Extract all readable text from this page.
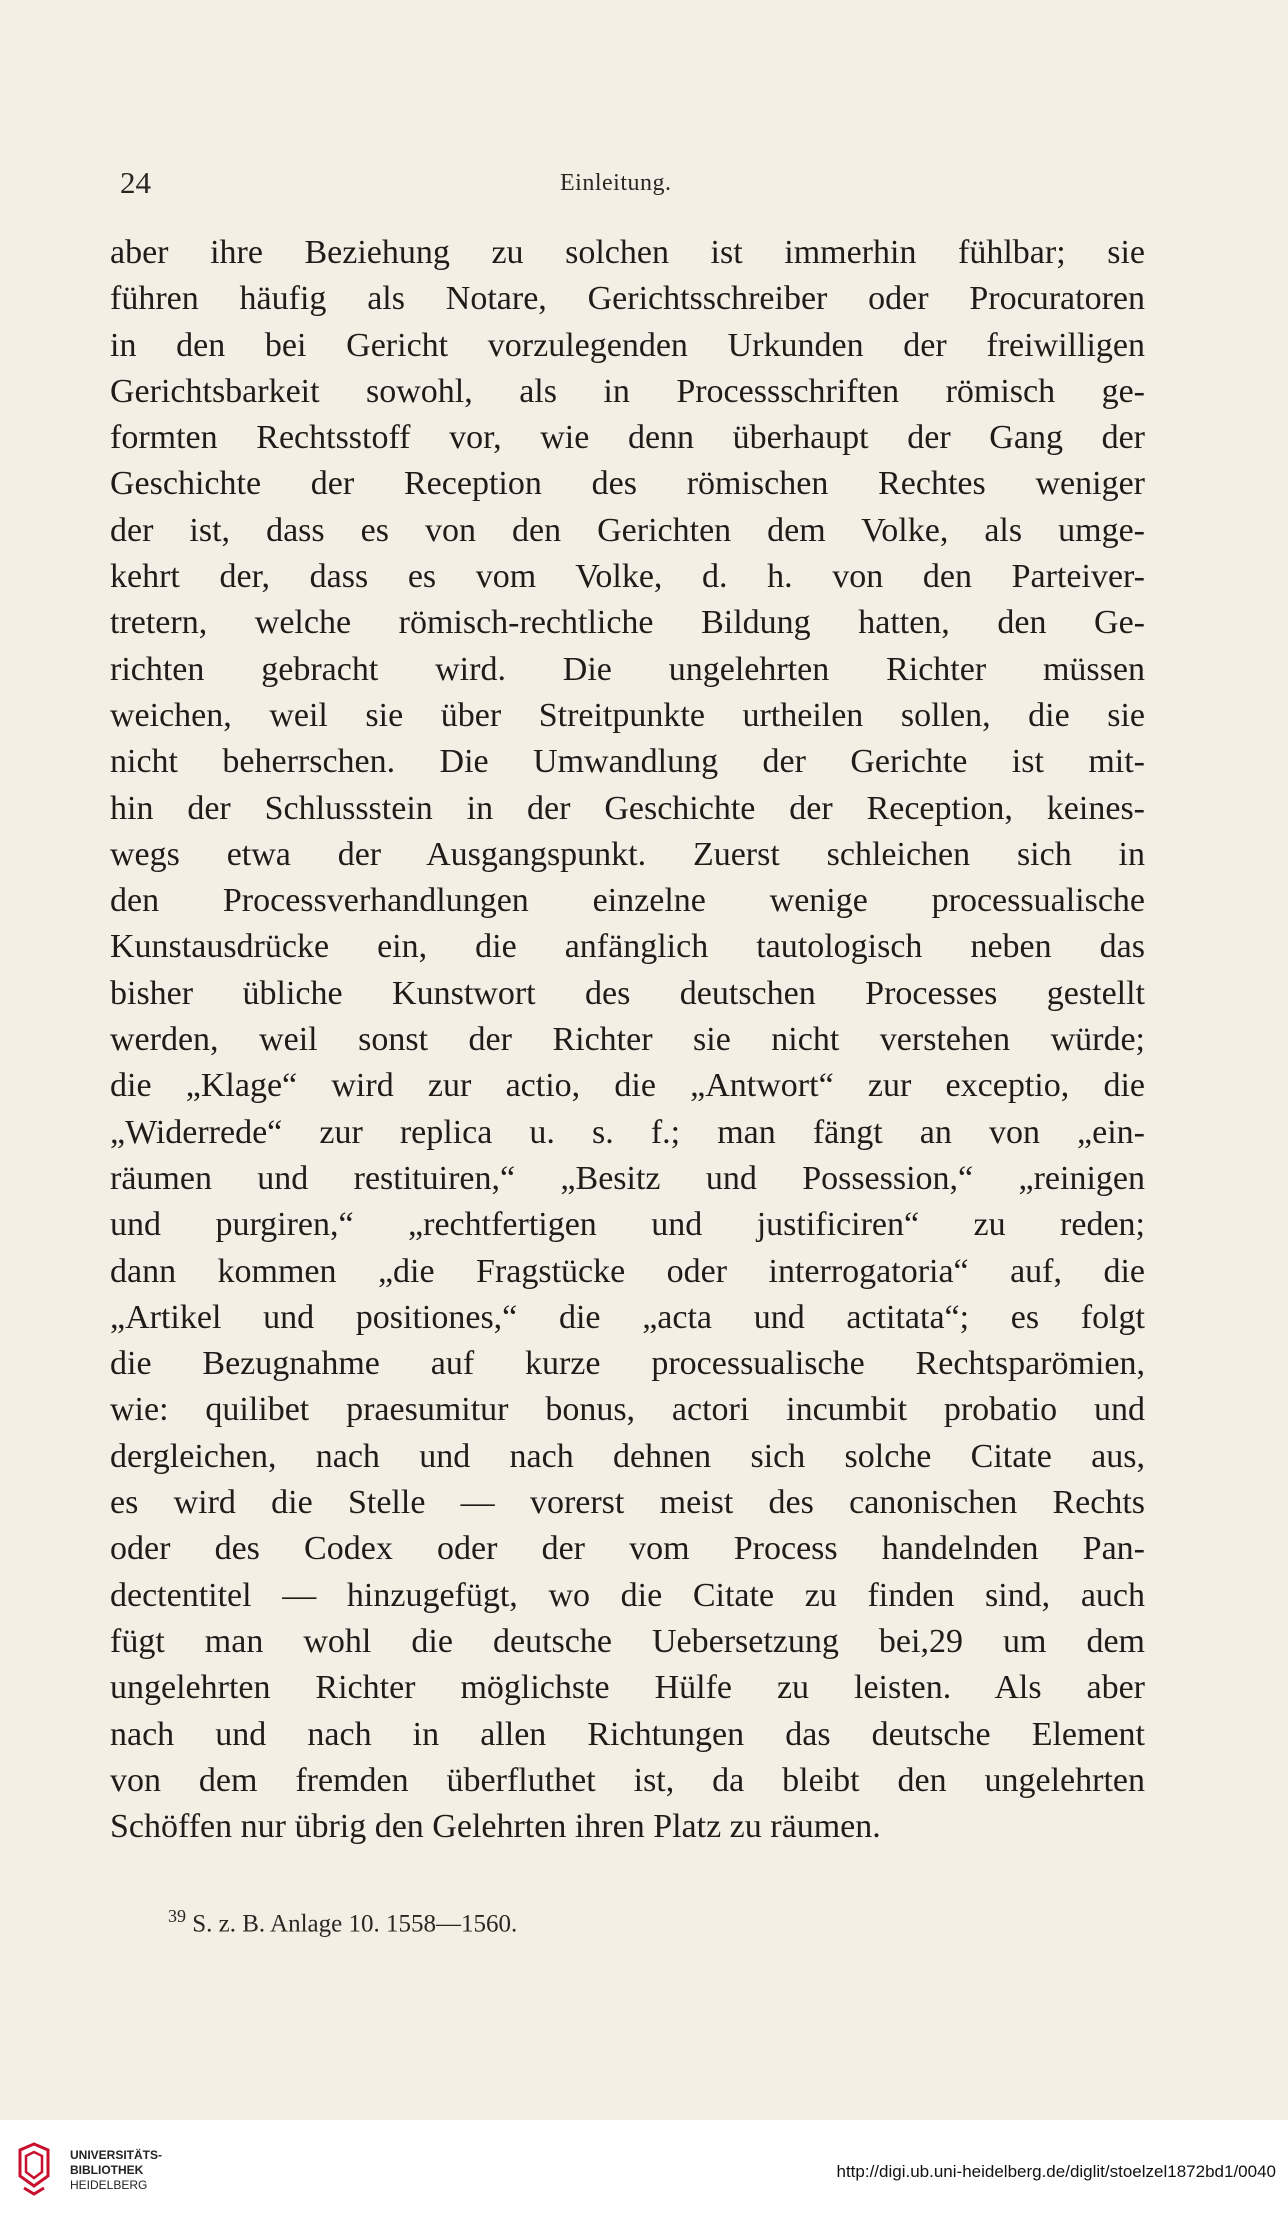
24	Einleitung.
aber ihre Beziehung zu solchen ist immerhin fühlbar; sie
führen häufig als Notare, Gerichtsschreiber oder Procuratoren
in den bei Gericht vorzulegenden Urkunden der freiwilligen
Gerichtsbarkeit sowohl, als in Processschriften römisch ge-
formten Rechtsstoff vor, wie denn überhaupt der Gang der
Geschichte der Reception des römischen Rechtes weniger
der ist, dass es von den Gerichten dem Volke, als umge-
kehrt der, dass es vom Volke, d. h. von den Parteiver-
tretern, welche römisch-rechtliche Bildung hatten, den Ge-
richten gebracht wird. Die ungelehrten Richter müssen
weichen, weil sie über Streitpunkte urtheilen sollen, die sie
nicht beherrschen. Die Umwandlung der Gerichte ist mit-
hin der Schlussstein in der Geschichte der Reception, keines-
wegs etwa der Ausgangspunkt. Zuerst schleichen sich in
den Processverhandlungen einzelne wenige processualische
Kunstausdrücke ein, die anfänglich tautologisch neben das
bisher übliche Kunstwort des deutschen Processes gestellt
werden, weil sonst der Richter sie nicht verstehen würde;
die „Klage“ wird zur actio, die „Antwort“ zur exceptio, die
„Widerrede“ zur replica u. s. f.; man fängt an von „ein-
räumen und restituiren,“ „Besitz und Possession,“ „reinigen
und purgiren,“ „rechtfertigen und justificiren“ zu reden;
dann kommen „die Fragstücke oder interrogatoria“ auf, die
„Artikel und positiones,“ die „acta und actitata“; es folgt
die Bezugnahme auf kurze processualische Rechtsparömien,
wie: quilibet praesumitur bonus, actori incumbit probatio und
dergleichen, nach und nach dehnen sich solche Citate aus,
es wird die Stelle — vorerst meist des canonischen Rechts
oder des Codex oder der vom Process handelnden Pan-
dectentitel — hinzugefügt, wo die Citate zu finden sind, auch
fügt man wohl die deutsche Uebersetzung bei,29 um dem
ungelehrten Richter möglichste Hülfe zu leisten. Als aber
nach und nach in allen Richtungen das deutsche Element
von dem fremden überfluthet ist, da bleibt den ungelehrten
Schöffen nur übrig den Gelehrten ihren Platz zu räumen.
$^{39}$ S. z. B. Anlage 10. 1558—1560.
UNIVERSITÄTS-
BIBLIOTHEK
HEIDELBERG
http://digi.ub.uni-heidelberg.de/diglit/stoelzel1872bd1/0040
